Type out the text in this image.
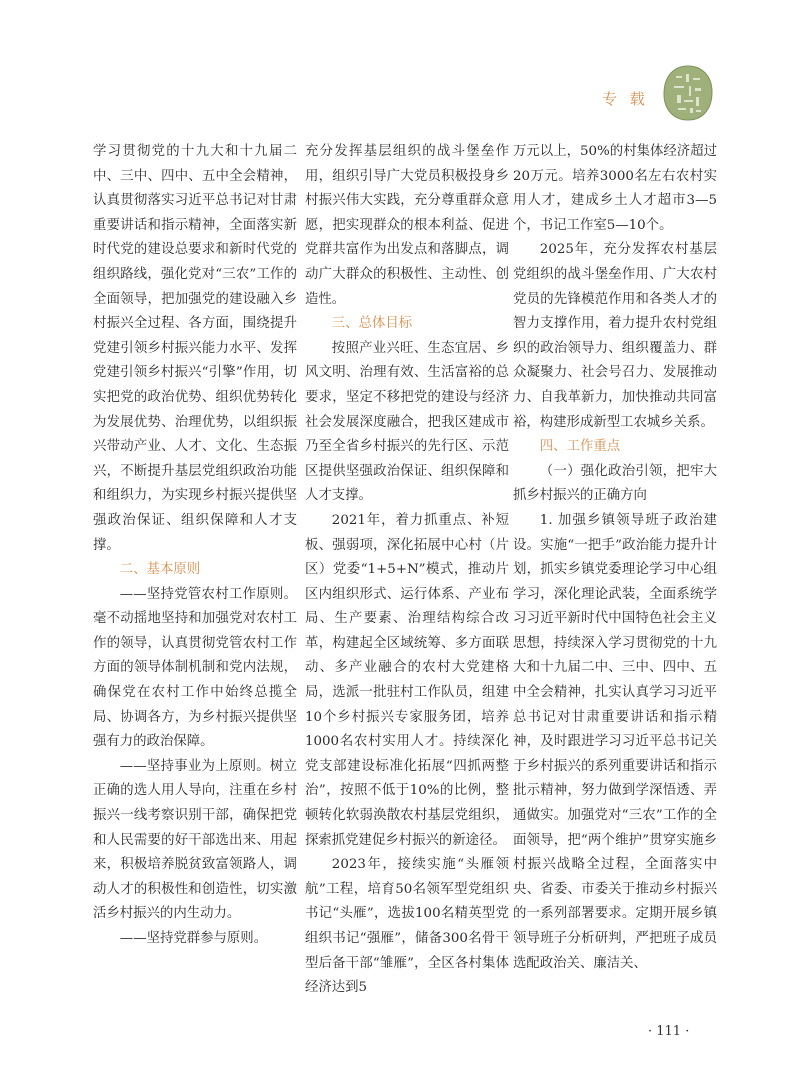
专 载

学习贯彻党的十九大和十九届二中、三中、四中、五中全会精神，认真贯彻落实习近平总书记对甘肃重要讲话和指示精神，全面落实新时代党的建设总要求和新时代党的组织路线，强化党对“三农”工作的全面领导，把加强党的建设融入乡村振兴全过程、各方面，围绕提升党建引领乡村振兴能力水平、发挥党建引领乡村振兴“引擎”作用，切实把党的政治优势、组织优势转化为发展优势、治理优势，以组织振兴带动产业、人才、文化、生态振兴，不断提升基层党组织政治功能和组织力，为实现乡村振兴提供坚强政治保证、组织保障和人才支撑。

二、基本原则

——坚持党管农村工作原则。毫不动摇地坚持和加强党对农村工作的领导，认真贯彻党管农村工作方面的领导体制机制和党内法规，确保党在农村工作中始终总揽全局、协调各方，为乡村振兴提供坚强有力的政治保障。

——坚持事业为上原则。树立正确的选人用人导向，注重在乡村振兴一线考察识别干部，确保把党和人民需要的好干部选出来、用起来，积极培养脱贫致富领路人，调动人才的积极性和创造性，切实激活乡村振兴的内生动力。

——坚持党群参与原则。

充分发挥基层组织的战斗堡垒作用，组织引导广大党员积极投身乡村振兴伟大实践，充分尊重群众意愿，把实现群众的根本利益、促进党群共富作为出发点和落脚点，调动广大群众的积极性、主动性、创造性。

三、总体目标

按照产业兴旺、生态宜居、乡风文明、治理有效、生活富裕的总要求，坚定不移把党的建设与经济社会发展深度融合，把我区建成市乃至全省乡村振兴的先行区、示范区提供坚强政治保证、组织保障和人才支撑。

2021年，着力抓重点、补短板、强弱项，深化拓展中心村（片区）党委“1+5+N”模式，推动片区内组织形式、运行体系、产业布局、生产要素、治理结构综合改革，构建起全区域统筹、多方面联动、多产业融合的农村大党建格局，选派一批驻村工作队员，组建10个乡村振兴专家服务团，培养1000名农村实用人才。持续深化党支部建设标准化拓展“四抓两整治”，按照不低于10%的比例，整顿转化软弱涣散农村基层党组织，探索抓党建促乡村振兴的新途径。

2023年，接续实施“头雁领航”工程，培育50名领军型党组织书记“头雁”，选拔100名精英型党组织书记“强雁”，储备300名骨干型后备干部“雏雁”，全区各村集体经济达到5

万元以上，50%的村集体经济超过20万元。培养3000名左右农村实用人才，建成乡土人才超市3—5个，书记工作室5—10个。

2025年，充分发挥农村基层党组织的战斗堡垒作用、广大农村党员的先锋模范作用和各类人才的智力支撑作用，着力提升农村党组织的政治领导力、组织覆盖力、群众凝聚力、社会号召力、发展推动力、自我革新力，加快推动共同富裕，构建形成新型工农城乡关系。

四、工作重点

（一）强化政治引领，把牢大抓乡村振兴的正确方向

1. 加强乡镇领导班子政治建设。实施“一把手”政治能力提升计划，抓实乡镇党委理论学习中心组学习，深化理论武装，全面系统学习习近平新时代中国特色社会主义思想，持续深入学习贯彻党的十九大和十九届二中、三中、四中、五中全会精神，扎实认真学习习近平总书记对甘肃重要讲话和指示精神，及时跟进学习习近平总书记关于乡村振兴的系列重要讲话和指示批示精神，努力做到学深悟透、弄通做实。加强党对“三农”工作的全面领导，把“两个维护”贯穿实施乡村振兴战略全过程，全面落实中央、省委、市委关于推动乡村振兴的一系列部署要求。定期开展乡镇领导班子分析研判，严把班子成员选配政治关、廉洁关、

· 111 ·
